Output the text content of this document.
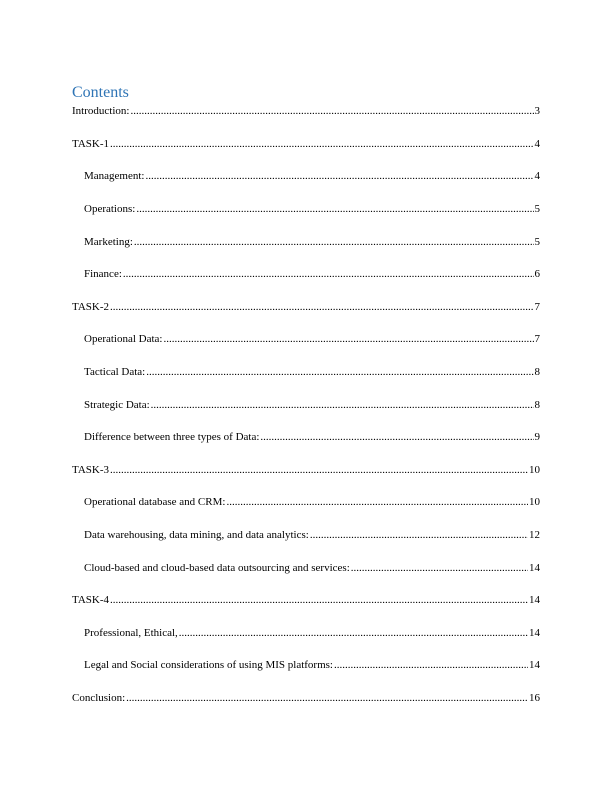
Contents
Introduction: .....	3
TASK-1 .....	4
Management: .....	4
Operations: .....	5
Marketing: .....	5
Finance: .....	6
TASK-2 .....	7
Operational Data: .....	7
Tactical Data: .....	8
Strategic Data: .....	8
Difference between three types of Data: .....	9
TASK-3 .....	10
Operational database and CRM: .....	10
Data warehousing, data mining, and data analytics: .....	12
Cloud-based and cloud-based data outsourcing and services: .....	14
TASK-4 .....	14
Professional, Ethical, .....	14
Legal and Social considerations of using MIS platforms: .....	14
Conclusion: .....	16
